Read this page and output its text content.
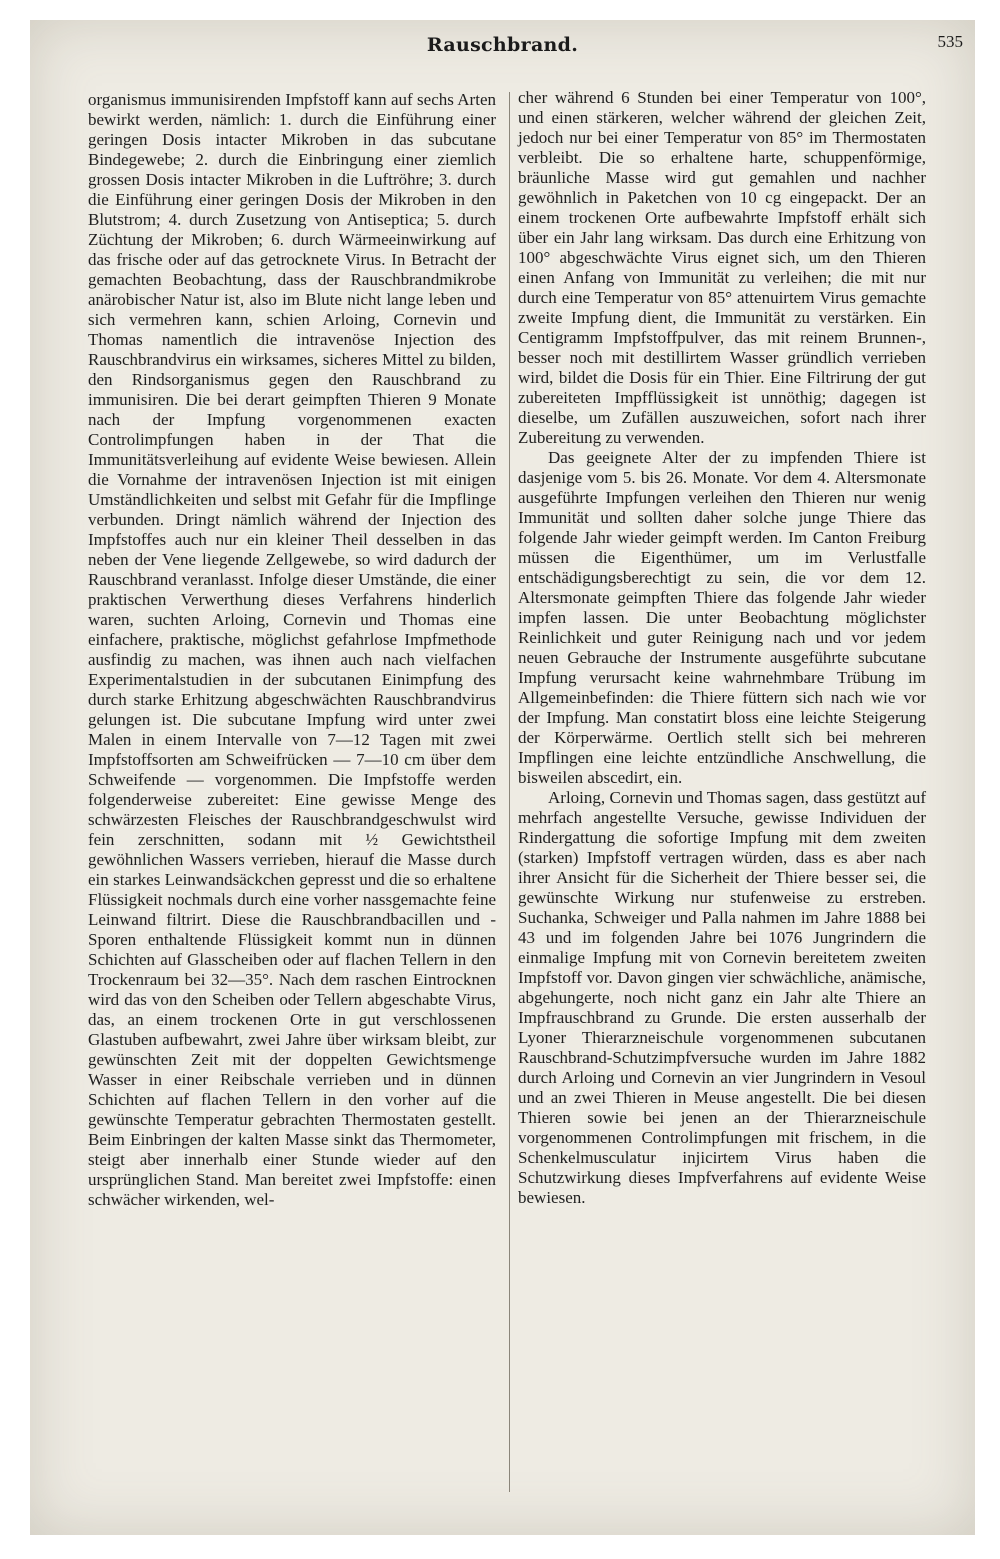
Rauschbrand.	535

organismus immunisirenden Impfstoff kann auf sechs Arten bewirkt werden, nämlich: 1. durch die Einführung einer geringen Dosis intacter Mikroben in das subcutane Bindegewebe; 2. durch die Einbringung einer ziemlich grossen Dosis intacter Mikroben in die Luftröhre; 3. durch die Einführung einer geringen Dosis der Mikroben in den Blutstrom; 4. durch Zusetzung von Antiseptica; 5. durch Züchtung der Mikroben; 6. durch Wärmeeinwirkung auf das frische oder auf das getrocknete Virus. In Betracht der gemachten Beobachtung, dass der Rauschbrandmikrobe anärobischer Natur ist, also im Blute nicht lange leben und sich vermehren kann, schien Arloing, Cornevin und Thomas namentlich die intravenöse Injection des Rauschbrandvirus ein wirksames, sicheres Mittel zu bilden, den Rindsorganismus gegen den Rauschbrand zu immunisiren. Die bei derart geimpften Thieren 9 Monate nach der Impfung vorgenommenen exacten Controlimpfungen haben in der That die Immunitätsverleihung auf evidente Weise bewiesen. Allein die Vornahme der intravenösen Injection ist mit einigen Umständlichkeiten und selbst mit Gefahr für die Impflinge verbunden. Dringt nämlich während der Injection des Impfstoffes auch nur ein kleiner Theil desselben in das neben der Vene liegende Zellgewebe, so wird dadurch der Rauschbrand veranlasst. Infolge dieser Umstände, die einer praktischen Verwerthung dieses Verfahrens hinderlich waren, suchten Arloing, Cornevin und Thomas eine einfachere, praktische, möglichst gefahrlose Impfmethode ausfindig zu machen, was ihnen auch nach vielfachen Experimentalstudien in der subcutanen Einimpfung des durch starke Erhitzung abgeschwächten Rauschbrandvirus gelungen ist. Die subcutane Impfung wird unter zwei Malen in einem Intervalle von 7—12 Tagen mit zwei Impfstoffsorten am Schweifrücken — 7—10 cm über dem Schweifende — vorgenommen. Die Impfstoffe werden folgenderweise zubereitet: Eine gewisse Menge des schwärzesten Fleisches der Rauschbrandgeschwulst wird fein zerschnitten, sodann mit ½ Gewichtstheil gewöhnlichen Wassers verrieben, hierauf die Masse durch ein starkes Leinwandsäckchen gepresst und die so erhaltene Flüssigkeit nochmals durch eine vorher nassgemachte feine Leinwand filtrirt. Diese die Rauschbrandbacillen und -Sporen enthaltende Flüssigkeit kommt nun in dünnen Schichten auf Glasscheiben oder auf flachen Tellern in den Trockenraum bei 32—35°. Nach dem raschen Eintrocknen wird das von den Scheiben oder Tellern abgeschabte Virus, das, an einem trockenen Orte in gut verschlossenen Glastuben aufbewahrt, zwei Jahre über wirksam bleibt, zur gewünschten Zeit mit der doppelten Gewichtsmenge Wasser in einer Reibschale verrieben und in dünnen Schichten auf flachen Tellern in den vorher auf die gewünschte Temperatur gebrachten Thermostaten gestellt. Beim Einbringen der kalten Masse sinkt das Thermometer, steigt aber innerhalb einer Stunde wieder auf den ursprünglichen Stand. Man bereitet zwei Impfstoffe: einen schwächer wirkenden, wel-

cher während 6 Stunden bei einer Temperatur von 100°, und einen stärkeren, welcher während der gleichen Zeit, jedoch nur bei einer Temperatur von 85° im Thermostaten verbleibt. Die so erhaltene harte, schuppenförmige, bräunliche Masse wird gut gemahlen und nachher gewöhnlich in Paketchen von 10 cg eingepackt. Der an einem trockenen Orte aufbewahrte Impfstoff erhält sich über ein Jahr lang wirksam. Das durch eine Erhitzung von 100° abgeschwächte Virus eignet sich, um den Thieren einen Anfang von Immunität zu verleihen; die mit nur durch eine Temperatur von 85° attenuirtem Virus gemachte zweite Impfung dient, die Immunität zu verstärken. Ein Centigramm Impfstoffpulver, das mit reinem Brunnen-, besser noch mit destillirtem Wasser gründlich verrieben wird, bildet die Dosis für ein Thier. Eine Filtrirung der gut zubereiteten Impfflüssigkeit ist unnöthig; dagegen ist dieselbe, um Zufällen auszuweichen, sofort nach ihrer Zubereitung zu verwenden.

Das geeignete Alter der zu impfenden Thiere ist dasjenige vom 5. bis 26. Monate. Vor dem 4. Altersmonate ausgeführte Impfungen verleihen den Thieren nur wenig Immunität und sollten daher solche junge Thiere das folgende Jahr wieder geimpft werden. Im Canton Freiburg müssen die Eigenthümer, um im Verlustfalle entschädigungsberechtigt zu sein, die vor dem 12. Altersmonate geimpften Thiere das folgende Jahr wieder impfen lassen. Die unter Beobachtung möglichster Reinlichkeit und guter Reinigung nach und vor jedem neuen Gebrauche der Instrumente ausgeführte subcutane Impfung verursacht keine wahrnehmbare Trübung im Allgemeinbefinden: die Thiere füttern sich nach wie vor der Impfung. Man constatirt bloss eine leichte Steigerung der Körperwärme. Oertlich stellt sich bei mehreren Impflingen eine leichte entzündliche Anschwellung, die bisweilen abscedirt, ein.

Arloing, Cornevin und Thomas sagen, dass gestützt auf mehrfach angestellte Versuche, gewisse Individuen der Rindergattung die sofortige Impfung mit dem zweiten (starken) Impfstoff vertragen würden, dass es aber nach ihrer Ansicht für die Sicherheit der Thiere besser sei, die gewünschte Wirkung nur stufenweise zu erstreben. Suchanka, Schweiger und Palla nahmen im Jahre 1888 bei 43 und im folgenden Jahre bei 1076 Jungrindern die einmalige Impfung mit von Cornevin bereitetem zweiten Impfstoff vor. Davon gingen vier schwächliche, anämische, abgehungerte, noch nicht ganz ein Jahr alte Thiere an Impfrauschbrand zu Grunde. Die ersten ausserhalb der Lyoner Thierarzneischule vorgenommenen subcutanen Rauschbrand-Schutzimpfversuche wurden im Jahre 1882 durch Arloing und Cornevin an vier Jungrindern in Vesoul und an zwei Thieren in Meuse angestellt. Die bei diesen Thieren sowie bei jenen an der Thierarzneischule vorgenommenen Controlimpfungen mit frischem, in die Schenkelmusculatur injicirtem Virus haben die Schutzwirkung dieses Impfverfahrens auf evidente Weise bewiesen.
